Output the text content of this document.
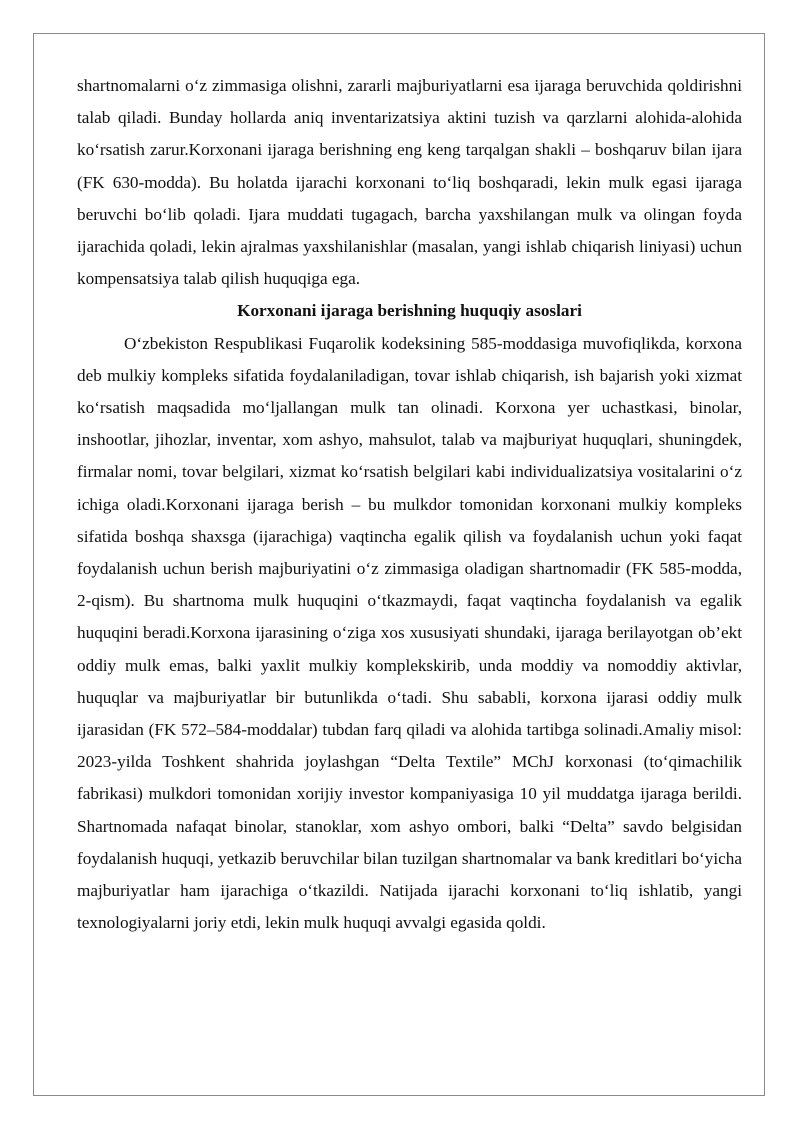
shartnomalarni o‘z zimmasiga olishni, zararli majburiyatlarni esa ijaraga beruvchida qoldirishni talab qiladi. Bunday hollarda aniq inventarizatsiya aktini tuzish va qarzlarni alohida-alohida ko‘rsatish zarur.Korxonani ijaraga berishning eng keng tarqalgan shakli – boshqaruv bilan ijara (FK 630-modda). Bu holatda ijarachi korxonani to‘liq boshqaradi, lekin mulk egasi ijaraga beruvchi bo‘lib qoladi. Ijara muddati tugagach, barcha yaxshilangan mulk va olingan foyda ijarachida qoladi, lekin ajralmas yaxshilanishlar (masalan, yangi ishlab chiqarish liniyasi) uchun kompensatsiya talab qilish huquqiga ega.

Korxonani ijaraga berishning huquqiy asoslari

O‘zbekiston Respublikasi Fuqarolik kodeksining 585-moddasiga muvofiqlikda, korxona deb mulkiy kompleks sifatida foydalaniladigan, tovar ishlab chiqarish, ish bajarish yoki xizmat ko‘rsatish maqsadida mo‘ljallangan mulk tan olinadi. Korxona yer uchastkasi, binolar, inshootlar, jihozlar, inventar, xom ashyo, mahsulot, talab va majburiyat huquqlari, shuningdek, firmalar nomi, tovar belgilari, xizmat ko‘rsatish belgilari kabi individualizatsiya vositalarini o‘z ichiga oladi.Korxonani ijaraga berish – bu mulkdor tomonidan korxonani mulkiy kompleks sifatida boshqa shaxsga (ijarachiga) vaqtincha egalik qilish va foydalanish uchun yoki faqat foydalanish uchun berish majburiyatini o‘z zimmasiga oladigan shartnomadir (FK 585-modda, 2-qism). Bu shartnoma mulk huquqini o‘tkazmaydi, faqat vaqtincha foydalanish va egalik huquqini beradi.Korxona ijarasining o‘ziga xos xususiyati shundaki, ijaraga berilayotgan ob’ekt oddiy mulk emas, balki yaxlit mulkiy komplekskirib, unda moddiy va nomoddiy aktivlar, huquqlar va majburiyatlar bir butunlikda o‘tadi. Shu sababli, korxona ijarasi oddiy mulk ijarasidan (FK 572–584-moddalar) tubdan farq qiladi va alohida tartibga solinadi.Amaliy misol: 2023-yilda Toshkent shahrida joylashgan “Delta Textile” MChJ korxonasi (to‘qimachilik fabrikasi) mulkdori tomonidan xorijiy investor kompaniyasiga 10 yil muddatga ijaraga berildi. Shartnomada nafaqat binolar, stanoklar, xom ashyo ombori, balki “Delta” savdo belgisidan foydalanish huquqi, yetkazib beruvchilar bilan tuzilgan shartnomalar va bank kreditlari bo‘yicha majburiyatlar ham ijarachiga o‘tkazildi. Natijada ijarachi korxonani to‘liq ishlatib, yangi texnologiyalarni joriy etdi, lekin mulk huquqi avvalgi egasida qoldi.
